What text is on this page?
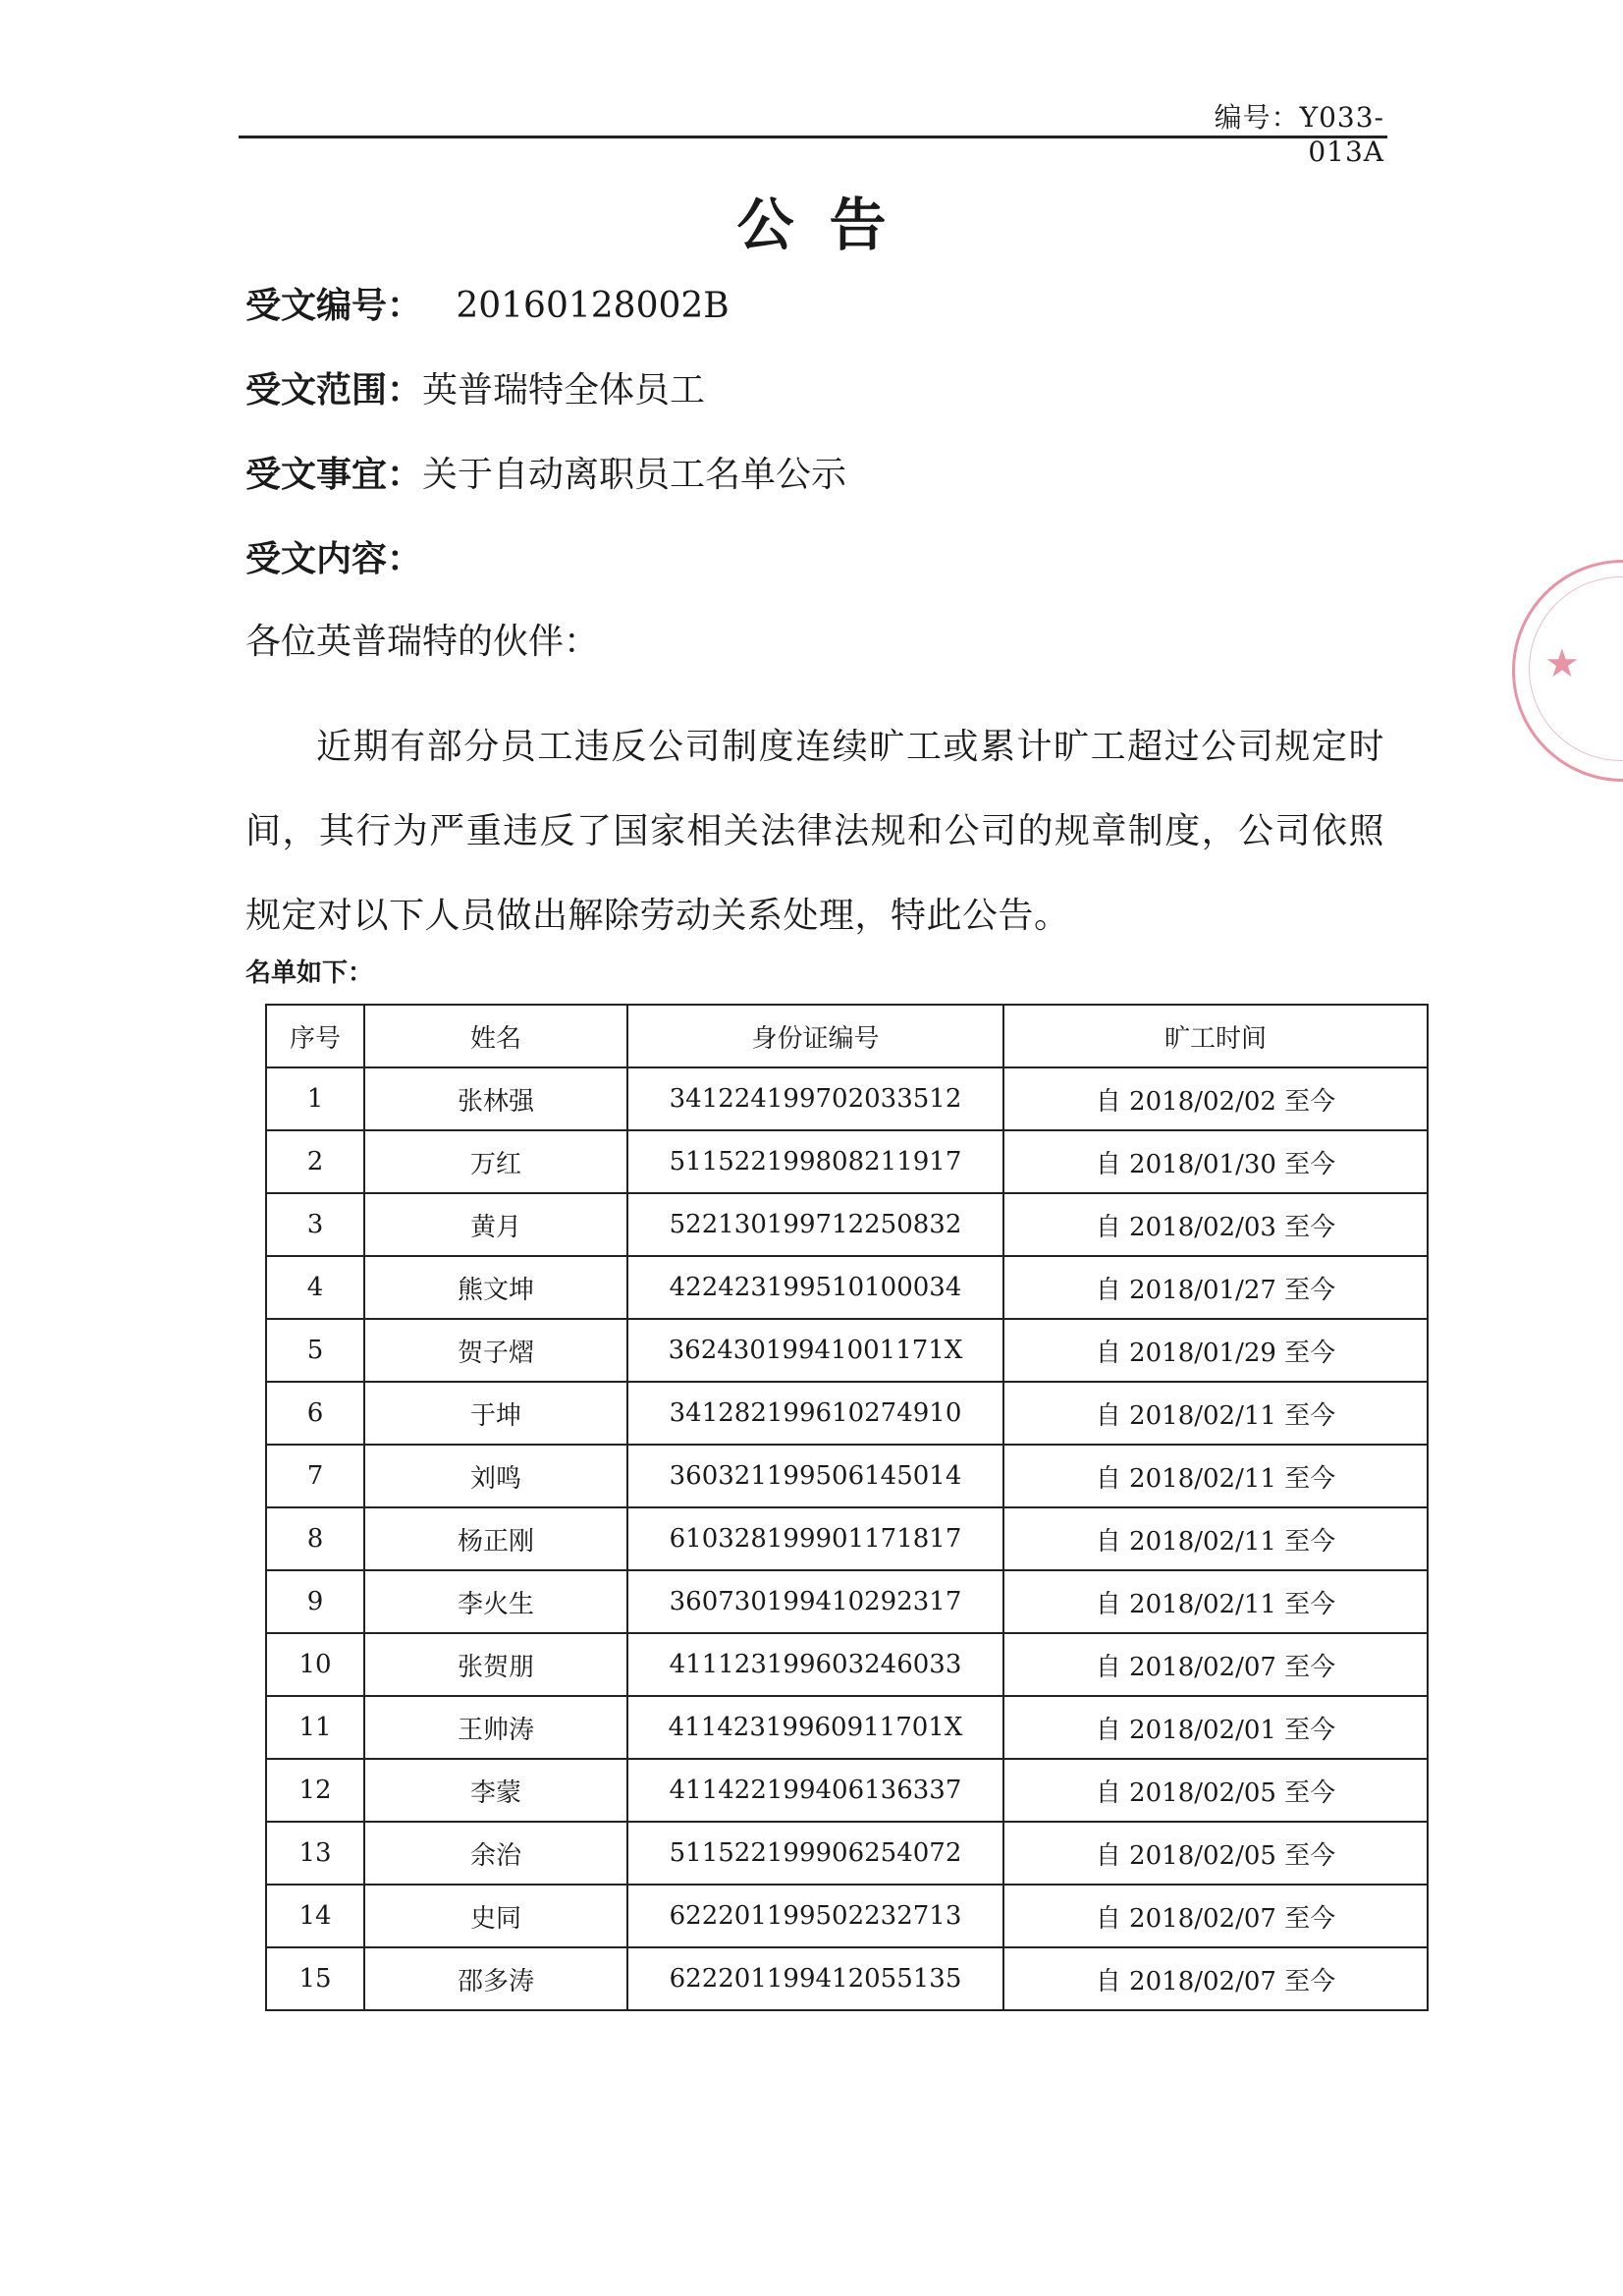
编号：Y033-013A
公告
受文编号：   20160128002B
受文范围：英普瑞特全体员工
受文事宜：关于自动离职员工名单公示
受文内容：
各位英普瑞特的伙伴：
近期有部分员工违反公司制度连续旷工或累计旷工超过公司规定时间，其行为严重违反了国家相关法律法规和公司的规章制度，公司依照规定对以下人员做出解除劳动关系处理，特此公告。
名单如下：
序号	姓名	身份证编号	旷工时间
1	张林强	341224199702033512	自 2018/02/02 至今
2	万红	511522199808211917	自 2018/01/30 至今
3	黄月	522130199712250832	自 2018/02/03 至今
4	熊文坤	422423199510100034	自 2018/01/27 至今
5	贺子熠	36243019941001171X	自 2018/01/29 至今
6	于坤	341282199610274910	自 2018/02/11 至今
7	刘鸣	360321199506145014	自 2018/02/11 至今
8	杨正刚	610328199901171817	自 2018/02/11 至今
9	李火生	360730199410292317	自 2018/02/11 至今
10	张贺朋	411123199603246033	自 2018/02/07 至今
11	王帅涛	41142319960911701X	自 2018/02/01 至今
12	李蒙	411422199406136337	自 2018/02/05 至今
13	余治	511522199906254072	自 2018/02/05 至今
14	史同	622201199502232713	自 2018/02/07 至今
15	邵多涛	622201199412055135	自 2018/02/07 至今
★
